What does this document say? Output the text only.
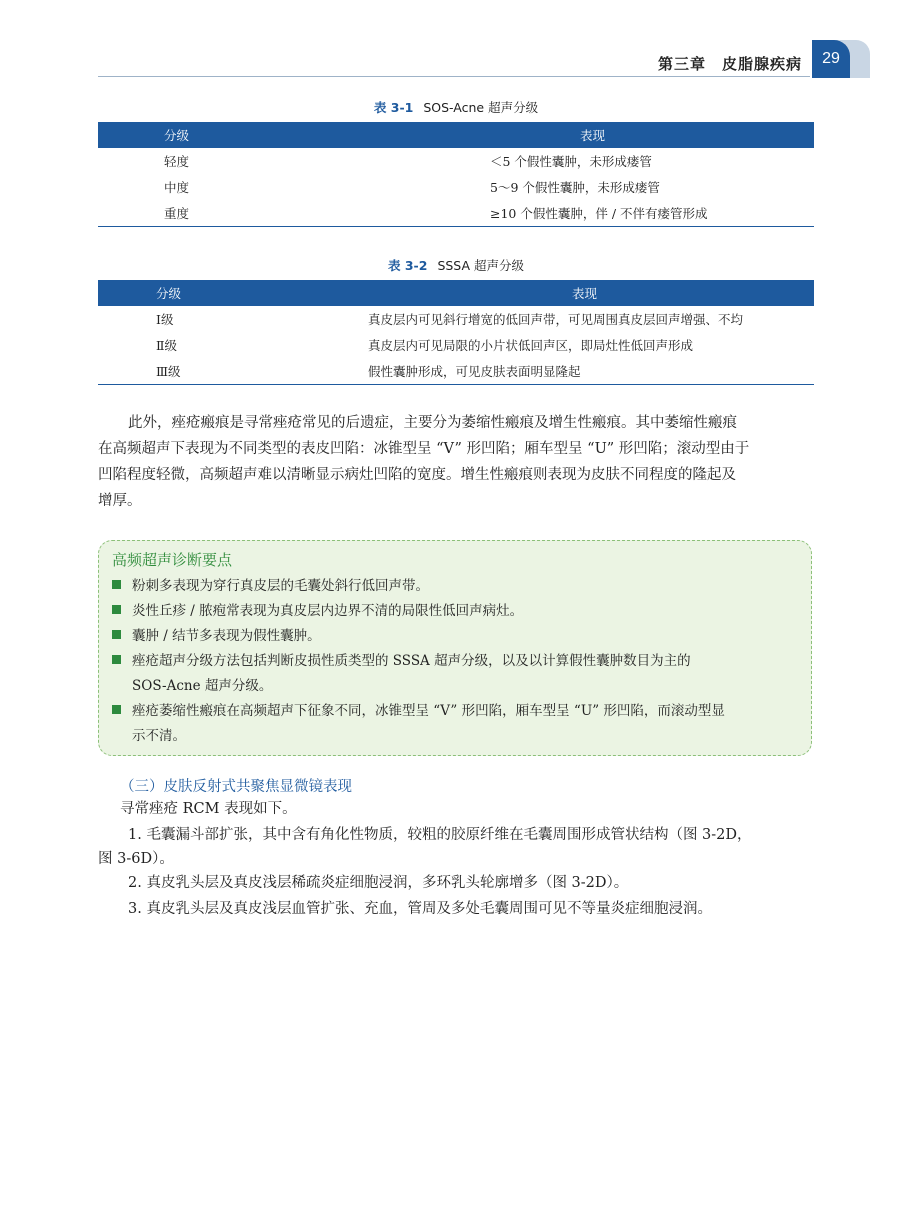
第三章　皮脂腺疾病	29
表 3-1 SOS-Acne 超声分级
分级	表现
轻度	＜5 个假性囊肿，未形成瘘管
中度	5～9 个假性囊肿，未形成瘘管
重度	≥10 个假性囊肿，伴 / 不伴有瘘管形成
表 3-2 SSSA 超声分级
分级	表现
Ⅰ级	真皮层内可见斜行增宽的低回声带，可见周围真皮层回声增强、不均
Ⅱ级	真皮层内可见局限的小片状低回声区，即局灶性低回声形成
Ⅲ级	假性囊肿形成，可见皮肤表面明显隆起
此外，痤疮瘢痕是寻常痤疮常见的后遗症，主要分为萎缩性瘢痕及增生性瘢痕。其中萎缩性瘢痕
在高频超声下表现为不同类型的表皮凹陷：冰锥型呈 “V” 形凹陷；厢车型呈 “U” 形凹陷；滚动型由于
凹陷程度轻微，高频超声难以清晰显示病灶凹陷的宽度。增生性瘢痕则表现为皮肤不同程度的隆起及
增厚。
高频超声诊断要点
粉刺多表现为穿行真皮层的毛囊处斜行低回声带。
炎性丘疹 / 脓疱常表现为真皮层内边界不清的局限性低回声病灶。
囊肿 / 结节多表现为假性囊肿。
痤疮超声分级方法包括判断皮损性质类型的 SSSA 超声分级，以及以计算假性囊肿数目为主的
SOS-Acne 超声分级。
痤疮萎缩性瘢痕在高频超声下征象不同，冰锥型呈 “V” 形凹陷，厢车型呈 “U” 形凹陷，而滚动型显
示不清。
（三）皮肤反射式共聚焦显微镜表现
寻常痤疮 RCM 表现如下。
1. 毛囊漏斗部扩张，其中含有角化性物质，较粗的胶原纤维在毛囊周围形成管状结构（图 3-2D，
图 3-6D）。
2. 真皮乳头层及真皮浅层稀疏炎症细胞浸润，多环乳头轮廓增多（图 3-2D）。
3. 真皮乳头层及真皮浅层血管扩张、充血，管周及多处毛囊周围可见不等量炎症细胞浸润。
